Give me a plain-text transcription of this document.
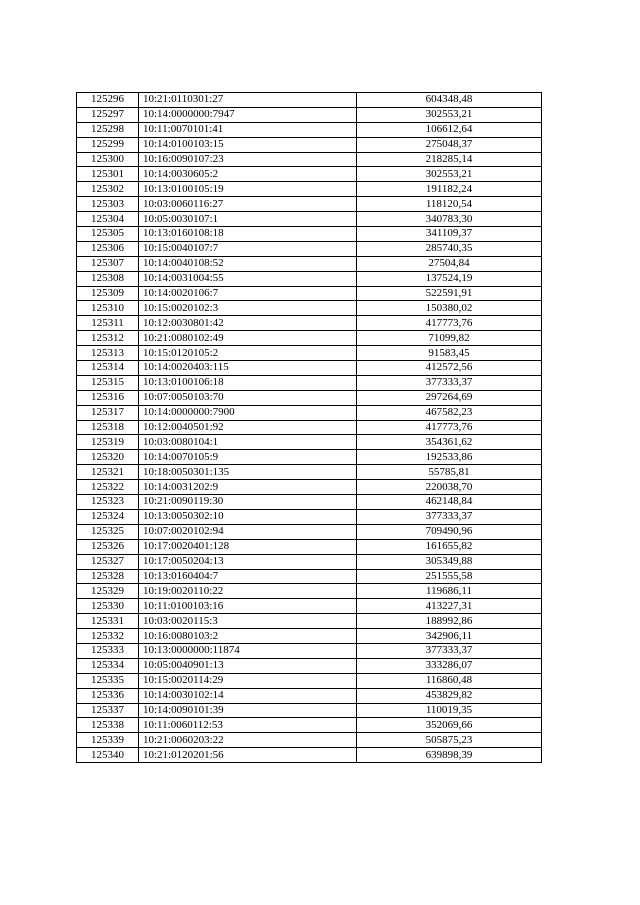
125296	10:21:0110301:27	604348,48
125297	10:14:0000000:7947	302553,21
125298	10:11:0070101:41	106612,64
125299	10:14:0100103:15	275048,37
125300	10:16:0090107:23	218285,14
125301	10:14:0030605:2	302553,21
125302	10:13:0100105:19	191182,24
125303	10:03:0060116:27	118120,54
125304	10:05:0030107:1	340783,30
125305	10:13:0160108:18	341109,37
125306	10:15:0040107:7	285740,35
125307	10:14:0040108:52	27504,84
125308	10:14:0031004:55	137524,19
125309	10:14:0020106:7	522591,91
125310	10:15:0020102:3	150380,02
125311	10:12:0030801:42	417773,76
125312	10:21:0080102:49	71099,82
125313	10:15:0120105:2	91583,45
125314	10:14:0020403:115	412572,56
125315	10:13:0100106:18	377333,37
125316	10:07:0050103:70	297264,69
125317	10:14:0000000:7900	467582,23
125318	10:12:0040501:92	417773,76
125319	10:03:0080104:1	354361,62
125320	10:14:0070105:9	192533,86
125321	10:18:0050301:135	55785,81
125322	10:14:0031202:9	220038,70
125323	10:21:0090119:30	462148,84
125324	10:13:0050302:10	377333,37
125325	10:07:0020102:94	709490,96
125326	10:17:0020401:128	161655,82
125327	10:17:0050204:13	305349,88
125328	10:13:0160404:7	251555,58
125329	10:19:0020110:22	119686,11
125330	10:11:0100103:16	413227,31
125331	10:03:0020115:3	188992,86
125332	10:16:0080103:2	342906,11
125333	10:13:0000000:11874	377333,37
125334	10:05:0040901:13	333286,07
125335	10:15:0020114:29	116860,48
125336	10:14:0030102:14	453829,82
125337	10:14:0090101:39	110019,35
125338	10:11:0060112:53	352069,66
125339	10:21:0060203:22	505875,23
125340	10:21:0120201:56	639898,39
